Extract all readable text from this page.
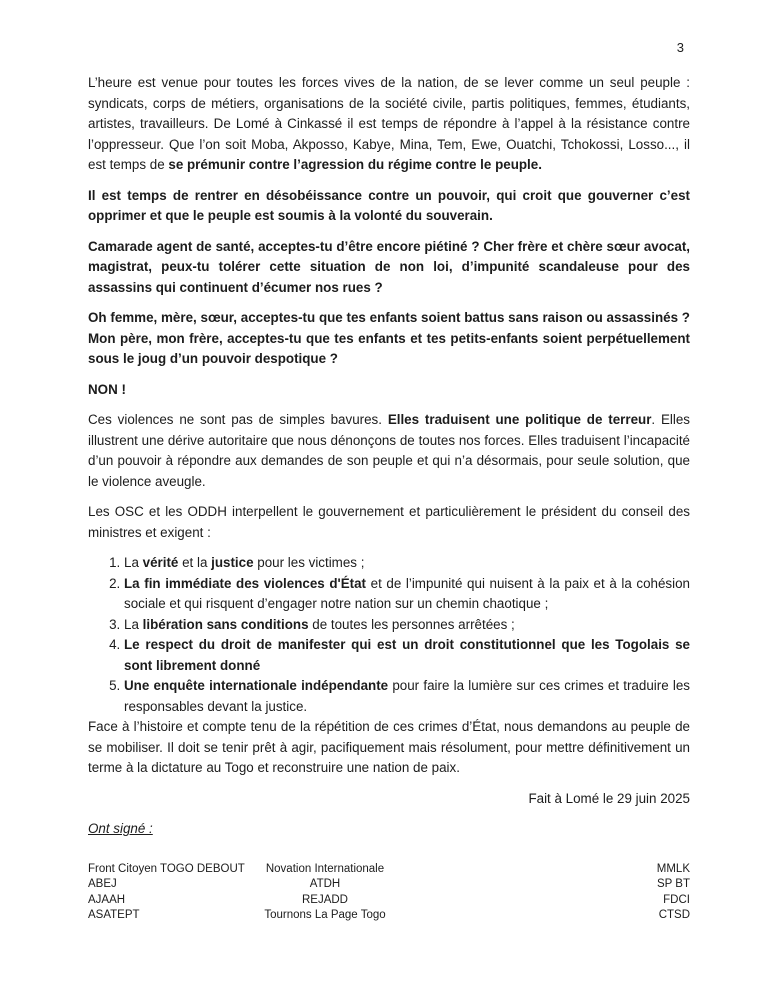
3

L’heure est venue pour toutes les forces vives de la nation, de se lever comme un seul peuple : syndicats, corps de métiers, organisations de la société civile, partis politiques, femmes, étudiants, artistes, travailleurs. De Lomé à Cinkassé il est temps de répondre à l’appel à la résistance contre l’oppresseur. Que l’on soit Moba, Akposso, Kabye, Mina, Tem, Ewe, Ouatchi, Tchokossi, Losso..., il est temps de se prémunir contre l’agression du régime contre le peuple.

Il est temps de rentrer en désobéissance contre un pouvoir, qui croit que gouverner c’est opprimer et que le peuple est soumis à la volonté du souverain.

Camarade agent de santé, acceptes-tu d’être encore piétiné ? Cher frère et chère sœur avocat, magistrat, peux-tu tolérer cette situation de non loi, d’impunité scandaleuse pour des assassins qui continuent d’écumer nos rues ?

Oh femme, mère, sœur, acceptes-tu que tes enfants soient battus sans raison ou assassinés ? Mon père, mon frère, acceptes-tu que tes enfants et tes petits-enfants soient perpétuellement sous le joug d’un pouvoir despotique ?

NON !

Ces violences ne sont pas de simples bavures. Elles traduisent une politique de terreur. Elles illustrent une dérive autoritaire que nous dénonçons de toutes nos forces. Elles traduisent l’incapacité d’un pouvoir à répondre aux demandes de son peuple et qui n’a désormais, pour seule solution, que le violence aveugle.

Les OSC et les ODDH interpellent le gouvernement et particulièrement le président du conseil des ministres et exigent :

1. La vérité et la justice pour les victimes ;
2. La fin immédiate des violences d'État et de l’impunité qui nuisent à la paix et à la cohésion sociale et qui risquent d’engager notre nation sur un chemin chaotique ;
3. La libération sans conditions de toutes les personnes arrêtées ;
4. Le respect du droit de manifester qui est un droit constitutionnel que les Togolais se sont librement donné
5. Une enquête internationale indépendante pour faire la lumière sur ces crimes et traduire les responsables devant la justice.

Face à l’histoire et compte tenu de la répétition de ces crimes d’État, nous demandons au peuple de se mobiliser. Il doit se tenir prêt à agir, pacifiquement mais résolument, pour mettre définitivement un terme à la dictature au Togo et reconstruire une nation de paix.

Fait à Lomé le 29 juin 2025

Ont signé :

Front Citoyen TOGO DEBOUT	Novation Internationale	MMLK
ABEJ	ATDH	SP BT
AJAAH	REJADD	FDCI
ASATEPT	Tournons La Page Togo	CTSD
